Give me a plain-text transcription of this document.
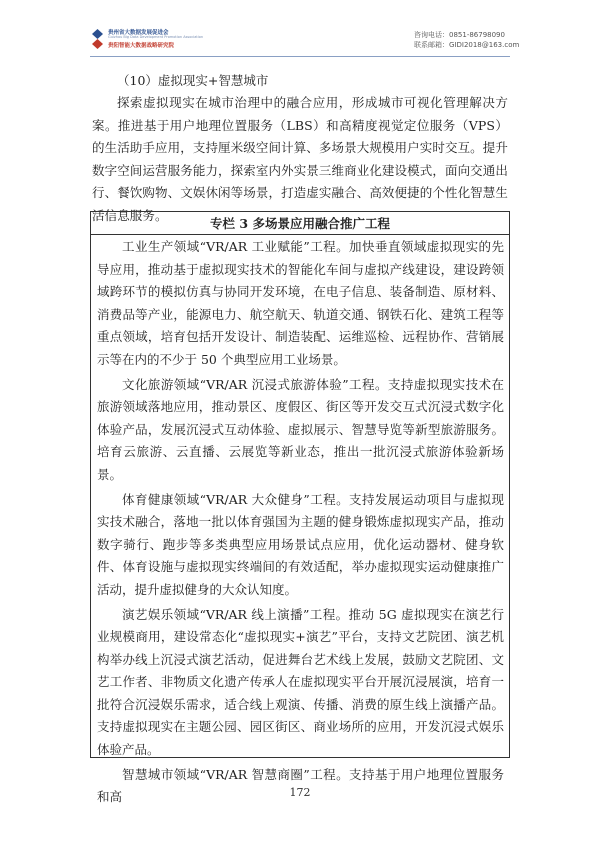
贵州省大数据发展促进会
Guizhou Big Data Development Promotion Association
贵阳智能大数据战略研究院
咨询电话：0851-86798090
联系邮箱：GIDI2018@163.com
（10）虚拟现实+智慧城市

探索虚拟现实在城市治理中的融合应用，形成城市可视化管理解决方案。推进基于用户地理位置服务（LBS）和高精度视觉定位服务（VPS）的生活助手应用，支持厘米级空间计算、多场景大规模用户实时交互。提升数字空间运营服务能力，探索室内外实景三维商业化建设模式，面向交通出行、餐饮购物、文娱休闲等场景，打造虚实融合、高效便捷的个性化智慧生活信息服务。

专栏 3 多场景应用融合推广工程

工业生产领域“VR/AR 工业赋能”工程。加快垂直领域虚拟现实的先导应用，推动基于虚拟现实技术的智能化车间与虚拟产线建设，建设跨领域跨环节的模拟仿真与协同开发环境，在电子信息、装备制造、原材料、消费品等产业，能源电力、航空航天、轨道交通、钢铁石化、建筑工程等重点领域，培育包括开发设计、制造装配、运维巡检、远程协作、营销展示等在内的不少于 50 个典型应用工业场景。

文化旅游领域“VR/AR 沉浸式旅游体验”工程。支持虚拟现实技术在旅游领域落地应用，推动景区、度假区、街区等开发交互式沉浸式数字化体验产品，发展沉浸式互动体验、虚拟展示、智慧导览等新型旅游服务。培育云旅游、云直播、云展览等新业态，推出一批沉浸式旅游体验新场景。

体育健康领域“VR/AR 大众健身”工程。支持发展运动项目与虚拟现实技术融合，落地一批以体育强国为主题的健身锻炼虚拟现实产品，推动数字骑行、跑步等多类典型应用场景试点应用，优化运动器材、健身软件、体育设施与虚拟现实终端间的有效适配，举办虚拟现实运动健康推广活动，提升虚拟健身的大众认知度。

演艺娱乐领域“VR/AR 线上演播”工程。推动 5G 虚拟现实在演艺行业规模商用，建设常态化“虚拟现实+演艺”平台，支持文艺院团、演艺机构举办线上沉浸式演艺活动，促进舞台艺术线上发展，鼓励文艺院团、文艺工作者、非物质文化遗产传承人在虚拟现实平台开展沉浸展演，培育一批符合沉浸娱乐需求，适合线上观演、传播、消费的原生线上演播产品。支持虚拟现实在主题公园、园区街区、商业场所的应用，开发沉浸式娱乐体验产品。

智慧城市领域“VR/AR 智慧商圈”工程。支持基于用户地理位置服务和高	172
